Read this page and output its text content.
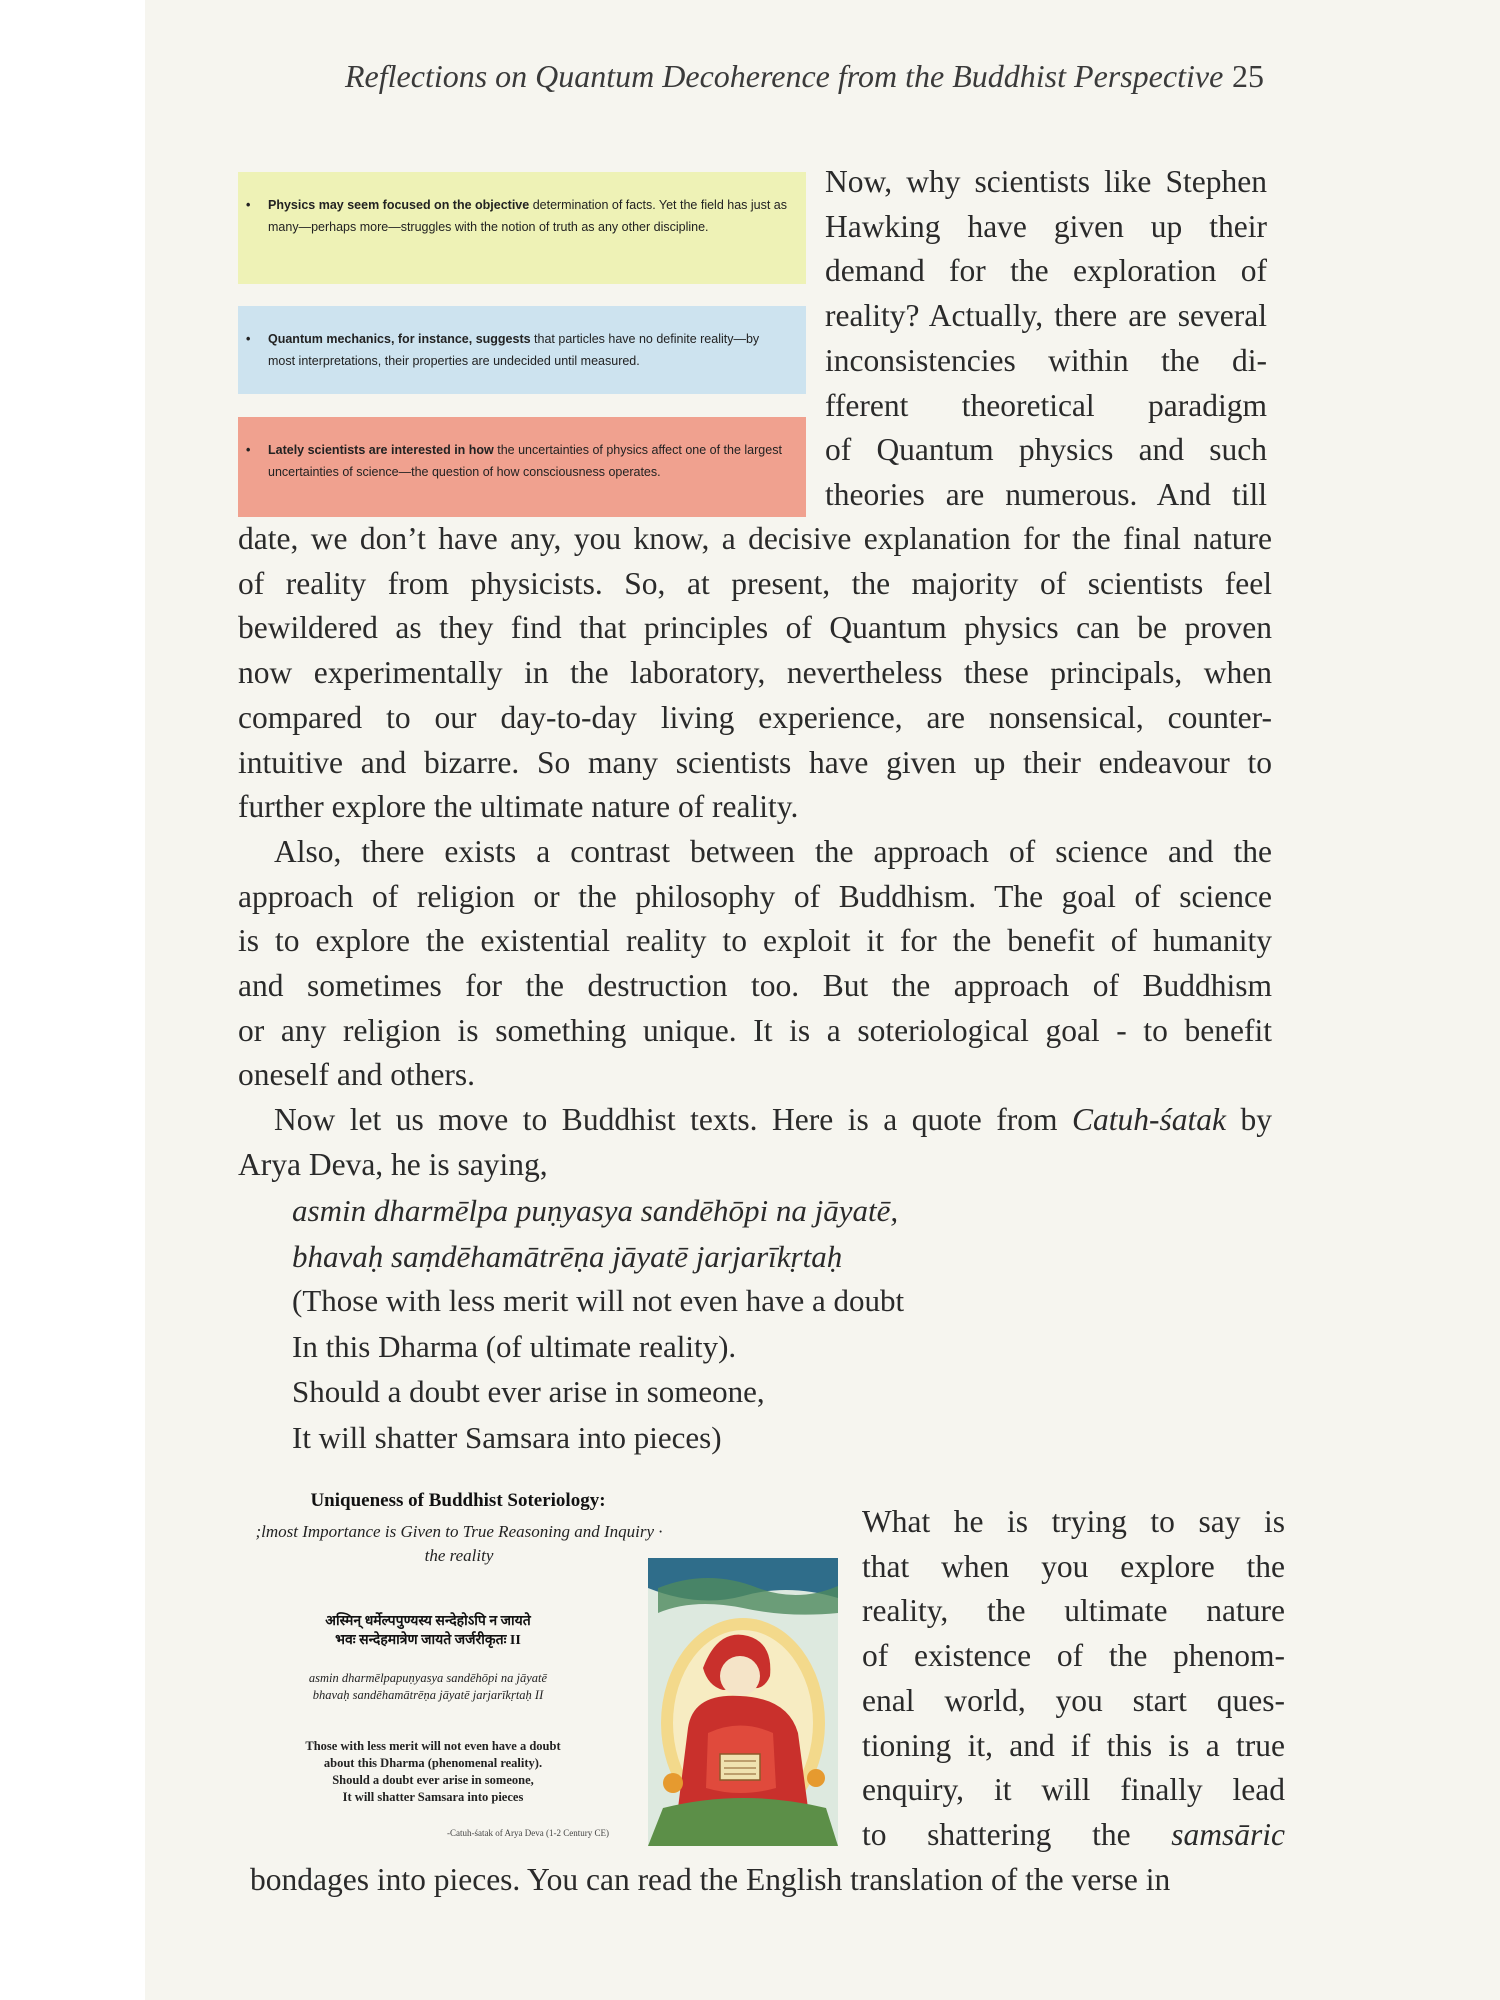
Reflections on Quantum Decoherence from the Buddhist Perspective 25
•	Physics may seem focused on the objective determination of facts. Yet the field has just as many—perhaps more—struggles with the notion of truth as any other discipline.
•	Quantum mechanics, for instance, suggests that particles have no definite reality—by most interpretations, their properties are undecided until measured.
•	Lately scientists are interested in how the uncertainties of physics affect one of the largest uncertainties of science—the question of how consciousness operates.
Now, why scientists like Stephen
Hawking have given up their
demand for the exploration of
reality? Actually, there are several
inconsistencies within the di-
fferent theoretical paradigm
of Quantum physics and such
theories are numerous. And till
date, we don’t have any, you know, a decisive explanation for the final nature
of reality from physicists. So, at present, the majority of scientists feel
bewildered as they find that principles of Quantum physics can be proven
now experimentally in the laboratory, nevertheless these principals, when
compared to our day-to-day living experience, are nonsensical, counter-
intuitive and bizarre. So many scientists have given up their endeavour to
further explore the ultimate nature of reality.
Also, there exists a contrast between the approach of science and the
approach of religion or the philosophy of Buddhism. The goal of science
is to explore the existential reality to exploit it for the benefit of humanity
and sometimes for the destruction too. But the approach of Buddhism
or any religion is something unique. It is a soteriological goal - to benefit
oneself and others.
Now let us move to Buddhist texts. Here is a quote from Catuh-śatak by
Arya Deva, he is saying,
asmin dharmēlpa puṇyasya sandēhōpi na jāyatē,
bhavaḥ saṃdēhamātrēṇa jāyatē jarjarīkṛtaḥ
(Those with less merit will not even have a doubt
In this Dharma (of ultimate reality).
Should a doubt ever arise in someone,
It will shatter Samsara into pieces)
Uniqueness of Buddhist Soteriology:
;lmost Importance is Given to True Reasoning and Inquiry · the reality
अस्मिन् धर्मेल्पपुण्यस्य सन्देहोऽपि न जायते
भवः सन्देहमात्रेण जायते जर्जरीकृतः II
asmin dharmēlpapuṇyasya sandēhōpi na jāyatē
bhavaḥ sandēhamātrēṇa jāyatē jarjarīkṛtaḥ II
Those with less merit will not even have a doubt
about this Dharma (phenomenal reality).
Should a doubt ever arise in someone,
It will shatter Samsara into pieces
-Catuh-śatak of Arya Deva (1-2 Century CE)
What he is trying to say is
that when you explore the
reality, the ultimate nature
of existence of the phenom-
enal world, you start ques-
tioning it, and if this is a true
enquiry, it will finally lead
to shattering the samsāric
bondages into pieces. You can read the English translation of the verse in
